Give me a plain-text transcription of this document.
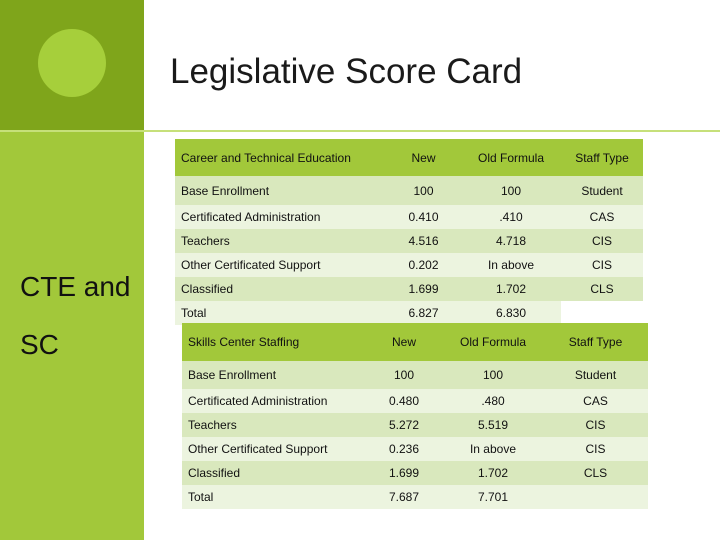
Legislative Score Card
CTE and
SC
Career and Technical Education	New	Old Formula	Staff Type
Base Enrollment	100	100	Student
Certificated Administration	0.410	.410	CAS
Teachers	4.516	4.718	CIS
Other Certificated Support	0.202	In above	CIS
Classified	1.699	1.702	CLS
Total	6.827	6.830	
Skills Center Staffing	New	Old Formula	Staff Type
Base Enrollment	100	100	Student
Certificated Administration	0.480	.480	CAS
Teachers	5.272	5.519	CIS
Other Certificated Support	0.236	In above	CIS
Classified	1.699	1.702	CLS
Total	7.687	7.701	
